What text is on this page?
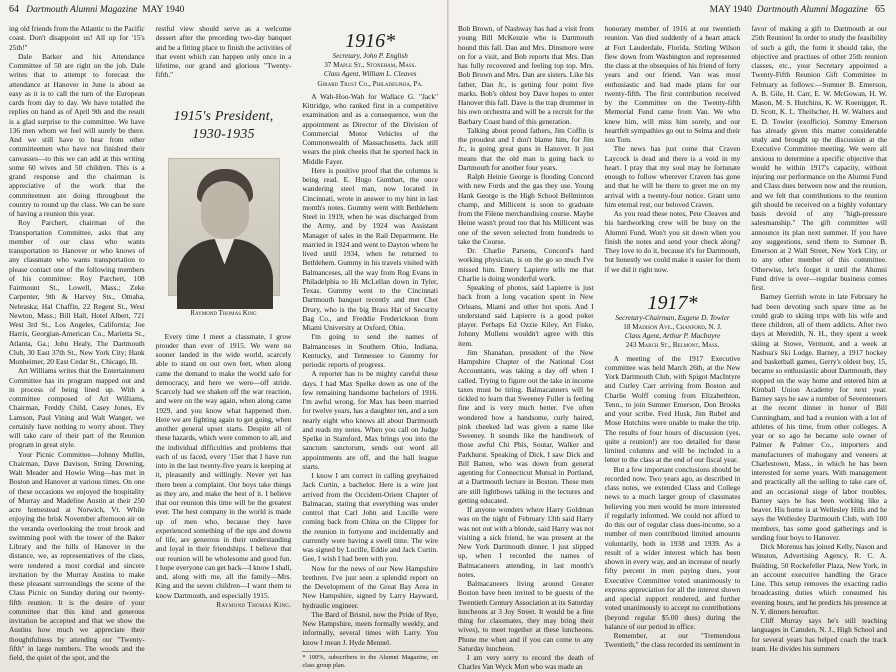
64 Dartmouth Alumni Magazine MAY 1940

ing old friends from the Atlantic to the Pacific coast. Don't disappoint us! All up for '15's 25th!"

Dale Barker and his Attendance Committee of 50 are right on the job. Dale writes that to attempt to forecast the attendance at Hanover in June is about as easy as it is to call the turn of the European cards from day to day. We have totalled the replies on hand as of April 9th and the result is a glad surprise to the committee. We have 136 men whom we feel will surely be there. And we still have to hear from other committeemen who have not finished their canvasses—to this we can add at this writing some 60 wives and 50 children. This is a grand response and the chairman is appreciative of the work that the commiteemen are doing throughout the country to round up the class. We can be sure of having a reunion this year.

Roy Parchert, chairman of the Transportation Committee, asks that any member of our class who wants transportation to Hanover or who knows of any classmate who wants transportation to please contact one of the following members of his committee: Roy Parchert, 108 Fairmount St., Lowell, Mass.; Zeke Carpenter, 9th & Harvey Sts., Omaha, Nebraska; Hal Chaffin, 22 Regent St., West Newton, Mass.; Bill Hall, Hotel Albert, 721 West 3rd St., Los Angeles, California; Joe Harris, Georgian-American Co., Marietta St., Atlanta, Ga.; John Healy, The Dartmouth Club, 30 East 37th St., New York City; Hank Monheimer, 20 East Cedar St., Chicago, Ill.

Art Williams writes that the Entertainment Committee has its program mapped out and in process of being lined up. With a committee composed of Art Williams, Chairman, Freddy Child, Casey Jones, Ev Lamson, Paul Vining and Walt Wanger, we certainly have nothing to worry about. They will take care of their part of the Reunion program in great style.

Your Picnic Committee—Johnny Mullin, Chairman, Dave Davison, String Downing, Walt Meader and Howie Wing—has met in Boston and Hanover at various times. On one of these occasions we enjoyed the hospitality of Murray and Madeline Austin at their 250 acre homestead at Norwich, Vt. While enjoying the brisk November afternoon air on the veranda overlooking the trout brook and swimming pool with the tower of the Baker Library and the hills of Hanover in the distance, we, as representatives of the class, were tendered a most cordial and sincere invitation by the Murray Austins to make these pleasant surroundings the scene of the Class Picnic on Sunday during our twenty-fifth reunion. It is the desire of your committee that this kind and generous invitation be accepted and that we show the Austins how much we appreciate their thoughtfulness by attending our "Twenty-fifth" in large numbers. The woods and the field, the quiet of the spot, and the

restful view should serve as a welcome dessert after the preceding two-day banquet and be a fitting place to finish the activities of that event which can happen only once in a lifetime, our grand and glorious "Twenty-fifth."

1915's President, 1930-1935
Raymond Thomas King

Every time I meet a classmate, I grow prouder than ever of 1915. We were no sooner landed in the wide world, scarcely able to stand on our own feet, when along came the demand to make the world safe for democracy, and here we were—off stride. Scarcely had we shaken off the war reaction, and were on the way again, when along came 1929, and you know what happened then. Here we are fighting again to get going, when another general upset starts. Despite all of these hazards, which were common to all, and the individual difficulties and problems that each of us faced, every '15er that I have run into in the last twenty-five years is keeping at it, pleasantly and willingly. Never yet has there been a complaint. Our boys take things as they are, and make the best of it. I believe that our reunion this time will be the greatest ever. The best company in the world is made up of men who, because they have experienced something of the ups and downs of life, are generous in their understanding and loyal in their friendships. I believe that our reunion will be wholesome and good fun. I hope everyone can get back—I know I shall, and, along with me, all the family—Mrs. King and the seven children—I want them to know Dartmouth, and especially 1915.

Raymond Thomas King.

1916*
Secretary, John P. English
37 Maple St., Stoneham, Mass.
Class Agent, William L. Cleaves
Girard Trust Co., Philadelphia, Pa.

A Wah-Hoo-Wah for Wallace G. "Jack" Kittridge, who ranked first in a competitive examination and as a consequence, won the appointment as Director of the Division of Commercial Motor Vehicles of the Commonwealth of Massachusetts. Jack still wears the pink cheeks that he sported back in Middle Fayer.

Here is positive proof that the columns is being read. E. Hugo Gumbart, the once wandering steel man, now located in Cincinnati, wrote in answer to my hint in last month's notes. Gummy went with Bethlehem Steel in 1919, when he was discharged from the Army, and by 1924 was Assistant Manager of sales in the Rail Department. He married in 1924 and went to Dayton where he lived until 1934, when he returned to Bethlehem. Gummy in his travels visited with Balmanceses, all the way from Rog Evans in Philadelphia to Hi McLellan down in Tyler, Texas. Gummy went to the Cincinnati Dartmouth banquet recently and met Chet Drury, who is the big Brass Hat of Security Bag Co., and Freddie Frederickson from Miami University at Oxford, Ohio.

I'm going to send the names of Balmanceses in Southern Ohio, Indiana, Kentucky, and Tennessee to Gummy for periodic reports of progress.

A reporter has to be mighty careful these days. I had Max Spelke down as one of the few remaining handsome bachelors of 1916. I'm awful wrong, for Max has been married for twelve years, has a daughter ten, and a son nearly eight who knows all about Dartmouth and reads my notes. When you call on Judge Spelke in Stamford, Max brings you into the sanctum sanctorum, sends out word all appointments are off, and the ball league starts.

I know I am correct in calling greyhaired Jack Curtin, a bachelor. Here is a wire just arrived from the Occident-Orient Chapter of Balmacan, stating that everything was under control that Carl John and Lucille were coming back from China on the Clipper for the reunion in fortyone and incidentally and currently were having a swell time. The wire was signed by Lucille, Eddie and Jack Curtin. Gee, I wish I had been with you.

Now for the news of our New Hampshire brethren. I've just seen a splendid report on the Development of the Great Bay Area in New Hampshire, signed by Larry Hayward, hydraulic engineer.

The Bard of Bristol, now the Pride of Rye, New Hampshire, meets formally weekly, and informally, several times with Larry. You know I mean J. Hyde Mennel.

* 100%, subscribers to the Alumni Magazine, on class group plan.

MAY 1940 Dartmouth Alumni Magazine 65

Bob Brown, of Nashway has had a visit from young Bill McKenzie who is Dartmouth bound this fall. Dan and Mrs. Dinsmore were on for a visit, and Bob reports that Mrs. Dan has fully recovered and feeling top top. Mrs. Bob Brown and Mrs. Dan are sisters. Like his father, Dan Jr., is getting four point five marks. Bob's oldest boy Dave hopes to enter Hanover this fall. Dave is the trap drummer in his own orchestra and will be a recruit for the Barbary Coast band of this generation.

Talking about proud fathers, Jim Coffin is the proudest and I don't blame him, for Jim Jr., is going great guns in Hanover. It just means that the old man is going back to Dartmouth for another four years.

Ralph Heinie George is flooding Concord with new Fords and the gas they use. Young Hank George is the High School Bellminton champ, and Millicent is soon to graduate from the Filene merchandising course. Maybe Heine wasn't proud too that his Millicent was one of the seven selected from hundreds to take the Course.

Dr. Charlie Parsons, Concord's hard working physician, is on the go so much I've missed him. Emery Lapierre tells me that Charlie is doing wonderful work.

Speaking of photos, said Lapierre is just back from a long vacation spent in New Orleans, Miami and other hot spots. And I understand said Lapierre is a good poker player. Perhaps Ed Ozzie Kiley, Art Fiske, Johnny Mullens wouldn't agree with this item.

Jim Shanahan, president of the New Hampshire Chapter of the National Cost Accountants, was taking a day off when I called. Trying to figure out the take in income taxes must be tiring. Balmacanners will be tickled to learn that Sweeney Fuller is feeling fine and is very much better. I've often wondered how a handsome, curly haired, pink cheeked lad was given a name like Sweeney. It sounds like the handiwork of those awful Chi Phis, Soutar, Walker and Parkhurst. Speaking of Dick, I saw Dick and Bill Batten, who was down from general agenting for Connecticut Mutual in Portland, at a Dartmouth lecture in Boston. These men are still lightbows talking in the lectures and getting educated.

If anyone wonders where Harry Goldman was on the night of February 13th said Harry was not out with a blonde, said Harry was not visiting a sick friend, he was present at the New York Dartmouth dinner. I just slipped up, when I recorded the names of Balmacaneers attending, in last month's notes.

Balmacaneers living around Greater Boston have been invited to be guests of the Twentieth Century Association at its Saturday luncheons at 3 Joy Street. It would be a fine thing for classmates, they may bring their wives), to meet together at these luncheons. Phone me when and if you can come to any Saturday luncheon.

I am very sorry to record the death of Charles Van Wyck Mott who was made an

honorary member of 1916 at our twentieth reunion. Van died suddenly of a heart attack at Fort Lauderdale, Florida. Stirling Wilson flew down from Washington and represented the class at the obsequies of his friend of forty years and our friend. Van was most enthusiastic and had made plans for our twenty-fifth. The first contribution received by the Committee on the Twenty-fifth Memorial Fund came from Van. We who knew him, will miss him sorely, and our heartfelt sympathies go out to Selma and their son Tom.

The news has just come that Craven Laycock is dead and there is a void in my heart. I pray that my soul may be fortunate enough to follow wherever Craven has gone and that he will be there to greet me on my arrival with a twenty-four notice. Grant unto him eternal rest, our beloved Craven.

As you read these notes, Pete Cleaves and his hardworking crew will be busy on the Alumni Fund. Won't you sit down when you finish the notes and send your check along? They love to do it, because it's for Dartmouth, but honestly we could make it easier for them if we did it right now.

1917*
Secretary-Chairman, Eugene D. Towler
18 Madison Ave., Cranford, N. J.
Class Agent, Arthur P. MacIntyre
243 March St., Belmont, Mass.

A meeting of the 1917 Executive committee was held March 26th, at the New York Dartmouth Club, with Spigot MacIntyre and Curley Carr arriving from Boston and Charlie Wolff coming from Elizabethton, Tenn., to join Sumner Emerson, Don Brooks and your scribe. Fred Husk, Jim Rubel and Mose Hutchins were unable to make the trip. The results of four hours of discussion (yes, quite a reunion!) are too detailed for these limited columns and will be included in a letter to the class at the end of our fiscal year.

But a few important conclusions should be recorded now. Two years ago, as described in class notes, we extended Class and College news to a much larger group of classmates believing you men would be more interested if regularly informed. We could not afford to do this out of regular class dues-income, so a number of men contributed limited amounts voluntarily, both in 1938 and 1939. As a result of a wider interest which has been shown in every way, and an increase of nearly fifty percent in men paying dues, your Executive Committee voted unanimously to express appreciation for all the interest shown and special support rendered, and further voted unanimously to accept no contributions (beyond regular $5.00 dues) during the balance of our period in office.

Remember, at our "Tremendous Twentieth," the class recorded its sentiment in

favor of making a gift to Dartmouth at our 25th Reunion! In order to study the feasibility of such a gift, the form it should take, the objective and practises of other 25th reunion classes, etc., your Secretary appointed a Twenty-Fifth Reunion Gift Committee in February as follows:—Sumner B. Emerson, A. B. Gile, H. Carr, E. W. McGowan, H. W. Mason, M. S. Hutchins, K. W. Koenigger, R. D. Scott, K. L. Theilscher, H. W. Walters and E. D. Towler (exofficio). Sommy Emerson has already given this matter considerable study and brought up the discussion at the Executive Committee meeting. We were all anxious to determine a specific objective that would be within 1917's capacity, without injuring our performance on the Alumni Fund and Class dues between now and the reunion, and we felt that contributions to the reunion gift should be received on a highly voluntary basis devoid of any "high-pressure salesmanship." The gift committee will announce its plan next summer. If you have any suggestions, send them to Sumner B. Emerson at 2 Wall Street, New York City, or to any other member of this committee. Otherwise, let's forget it until the Alumni Fund drive is over—regular business comes first.

Barney Gerrish wrote in late February he had been devoting such spare time as he could grab to skiing trips with his wife and three children, all of them addicts. After two days at Meredith, N. H., they spent a week skiing at Stowe, Vermont, and a week at Nashua's Ski Lodge. Barney, a 1917 hockey and basketball games, Gerry's oldest boy, 15, became so enthusiastic about Dartmouth, they stopped on the way home and entered him at Kimball Union Academy for next year. Barney says he saw a number of Seventeeners at the recent dinner in honor of Bill Cunningham, and had a reunion with a lot of athletes of his time, from other colleges. A year or so ago he became sole owner of Palmer & Palmer Co., importers and manufacturers of mahogany and veneers at Charlestown, Mass., in which he has been interested for some years. With management and practically all the selling to take care of, and an occasional siege of labor troubles, Barney says he has been working like a beaver. His home is at Wellesley Hills and he says the Wellesley Dartmouth Club, with 100 members, has some good gatherings and is sending four boys to Hanover.

Dick Morenus has joined Kelly, Nason and Winston, Advertising Agency, R. C. A. Building, 50 Rockefeller Plaza, New York, in an account executive handling the Grace Line. This setup removes the exacting radio broadcasting duties which consumed his evening hours, and he predicts his presence at N. Y. dinners hereafter.

Cliff Murray says he's still teaching languages in Camden, N. J., High School and for several years has helped coach the track team. He divides his summers
